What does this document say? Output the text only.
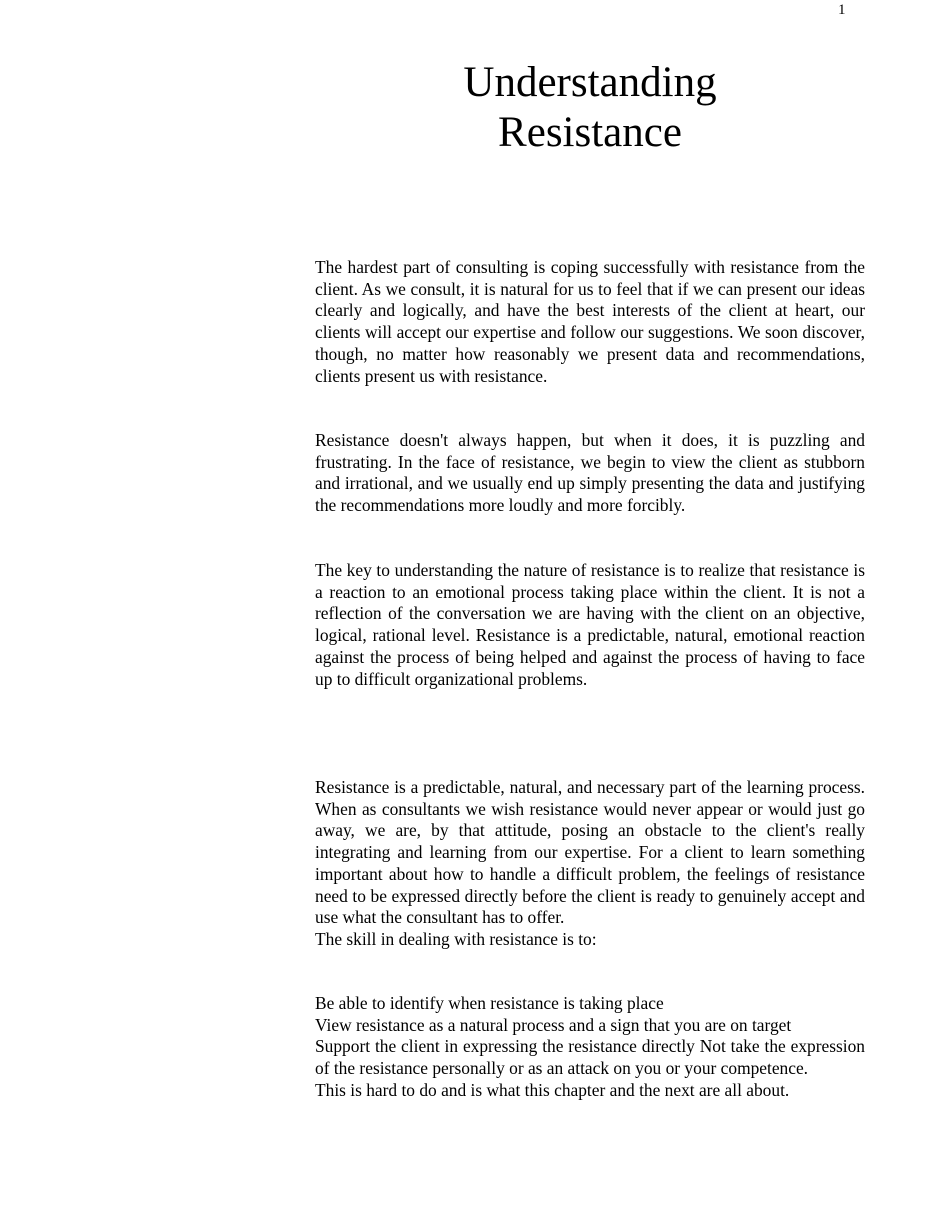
1
Understanding
Resistance

The hardest part of consulting is coping successfully with resistance from the client. As we consult, it is natural for us to feel that if we can present our ideas clearly and logically, and have the best interests of the client at heart, our clients will accept our expertise and follow our suggestions. We soon discover, though, no matter how reasonably we present data and recommendations, clients present us with resistance.

Resistance doesn't always happen, but when it does, it is puzzling and frustrating. In the face of resistance, we begin to view the client as stubborn and irrational, and we usually end up simply presenting the data and justifying the recommendations more loudly and more forcibly.

The key to understanding the nature of resistance is to realize that resistance is a reaction to an emotional process taking place within the client. It is not a reflection of the conversation we are having with the client on an objective, logical, rational level. Resistance is a predictable, natural, emotional reaction against the process of being helped and against the process of having to face up to difficult organizational problems.

Resistance is a predictable, natural, and necessary part of the learning process. When as consultants we wish resistance would never appear or would just go away, we are, by that attitude, posing an obstacle to the client's really integrating and learning from our expertise. For a client to learn something important about how to handle a difficult problem, the feelings of resistance need to be expressed directly before the client is ready to genuinely accept and use what the consultant has to offer.

The skill in dealing with resistance is to:
Be able to identify when resistance is taking place
View resistance as a natural process and a sign that you are on target

Support the client in expressing the resistance directly Not take the expression of the resistance personally or as an attack on you or your competence.

This is hard to do and is what this chapter and the next are all about.
